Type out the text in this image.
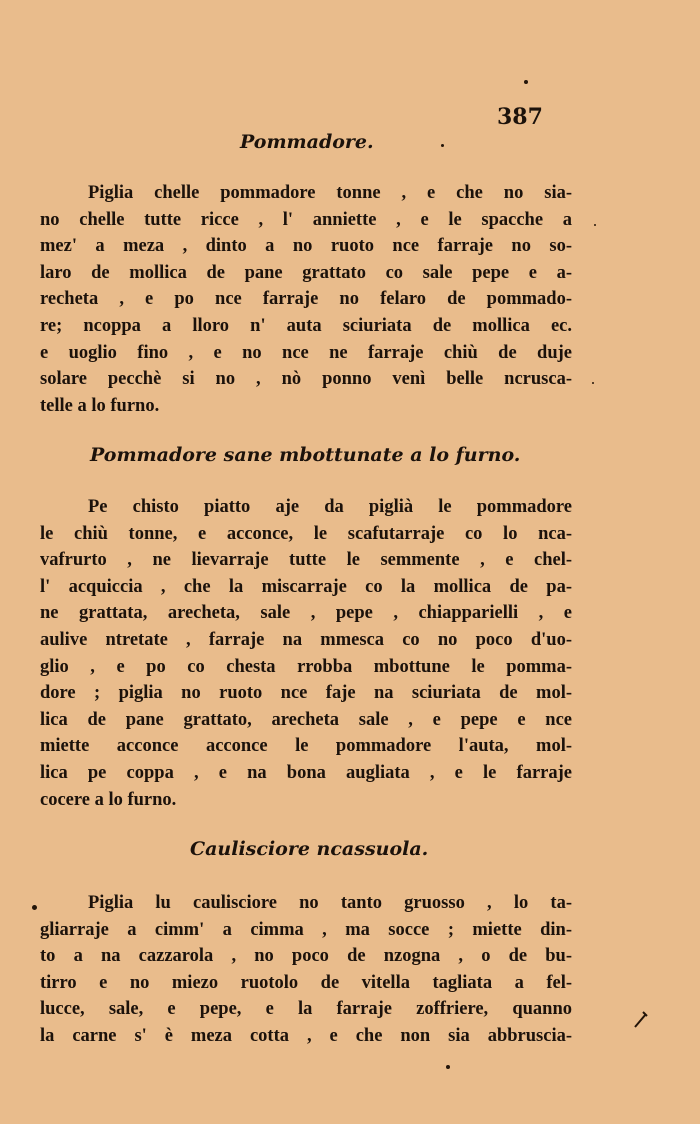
387
Pommadore.
Piglia chelle pommadore tonne , e che no sia-
no chelle tutte ricce , l' anniette , e le spacche a
mez' a meza , dinto a no ruoto nce farraje no so-
laro de mollica de pane grattato co sale pepe e a-
recheta , e po nce farraje no felaro de pommado-
re; ncoppa a lloro n' auta sciuriata de mollica ec.
e uoglio fino , e no nce ne farraje chiù de duje
solare pecchè si no , nò ponno venì belle ncrusca-
telle a lo furno.
Pommadore sane mbottunate a lo furno.
Pe chisto piatto aje da piglià le pommadore
le chiù tonne, e acconce, le scafutarraje co lo nca-
vafrurto , ne lievarraje tutte le semmente , e chel-
l' acquiccia , che la miscarraje co la mollica de pa-
ne grattata, arecheta, sale , pepe , chiapparielli , e
aulive ntretate , farraje na mmesca co no poco d'uo-
glio , e po co chesta rrobba mbottune le pomma-
dore ; piglia no ruoto nce faje na sciuriata de mol-
lica de pane grattato, arecheta sale , e pepe e nce
miette acconce acconce le pommadore l'auta, mol-
lica pe coppa , e na bona augliata , e le farraje
cocere a lo furno.
Caulisciore ncassuola.
Piglia lu caulisciore no tanto gruosso , lo ta-
gliarraje a cimm' a cimma , ma socce ; miette din-
to a na cazzarola , no poco de nzogna , o de bu-
tirro e no miezo ruotolo de vitella tagliata a fel-
lucce, sale, e pepe, e la farraje zoffriere, quanno
la carne s' è meza cotta , e che non sia abbruscia-
